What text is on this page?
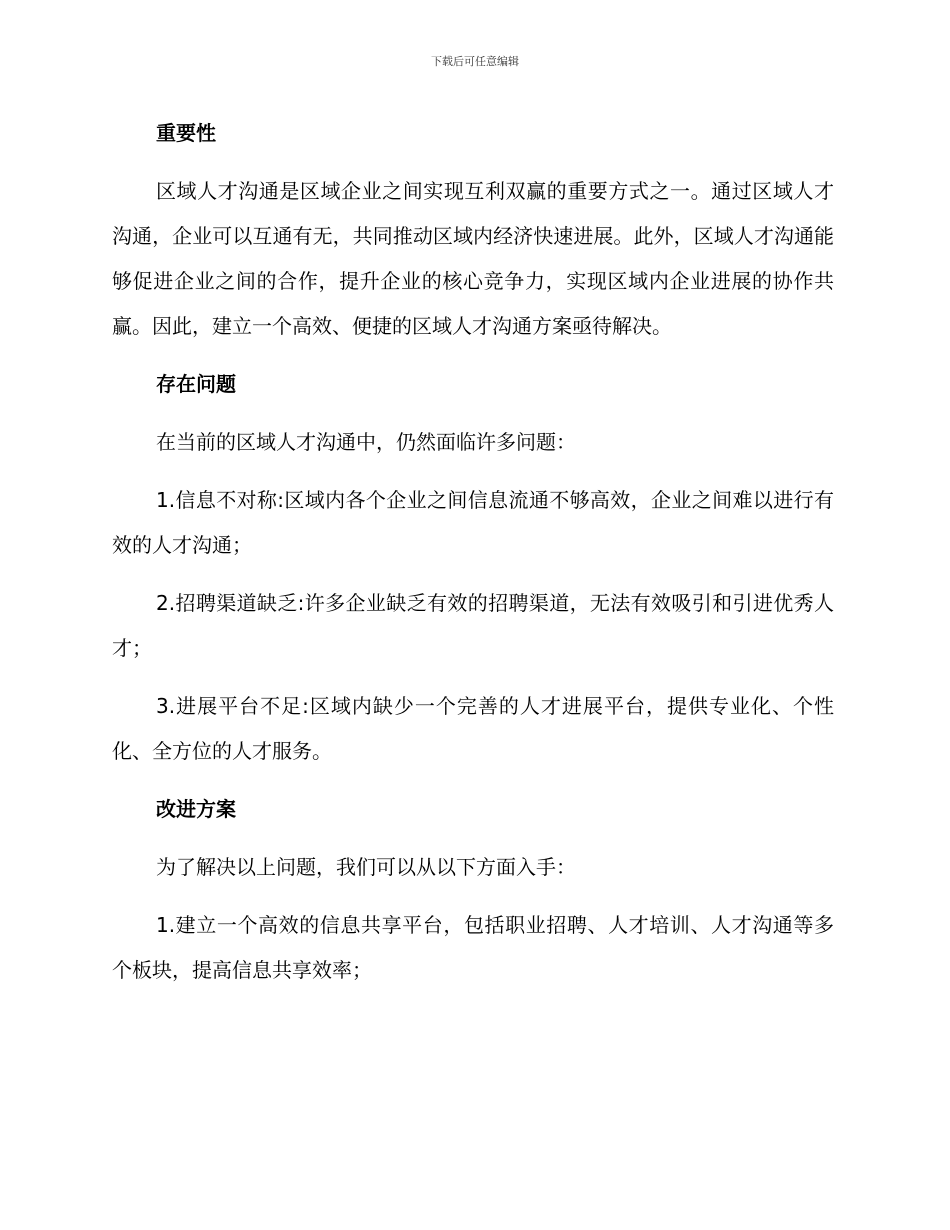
下载后可任意编辑
重要性

区域人才沟通是区域企业之间实现互利双赢的重要方式之一。通过区域人才沟通，企业可以互通有无，共同推动区域内经济快速进展。此外，区域人才沟通能够促进企业之间的合作，提升企业的核心竞争力，实现区域内企业进展的协作共赢。因此，建立一个高效、便捷的区域人才沟通方案亟待解决。

存在问题

在当前的区域人才沟通中，仍然面临许多问题：

1.信息不对称:区域内各个企业之间信息流通不够高效，企业之间难以进行有效的人才沟通；

2.招聘渠道缺乏:许多企业缺乏有效的招聘渠道，无法有效吸引和引进优秀人才；

3.进展平台不足:区域内缺少一个完善的人才进展平台，提供专业化、个性化、全方位的人才服务。

改进方案

为了解决以上问题，我们可以从以下方面入手：

1.建立一个高效的信息共享平台，包括职业招聘、人才培训、人才沟通等多个板块，提高信息共享效率；
